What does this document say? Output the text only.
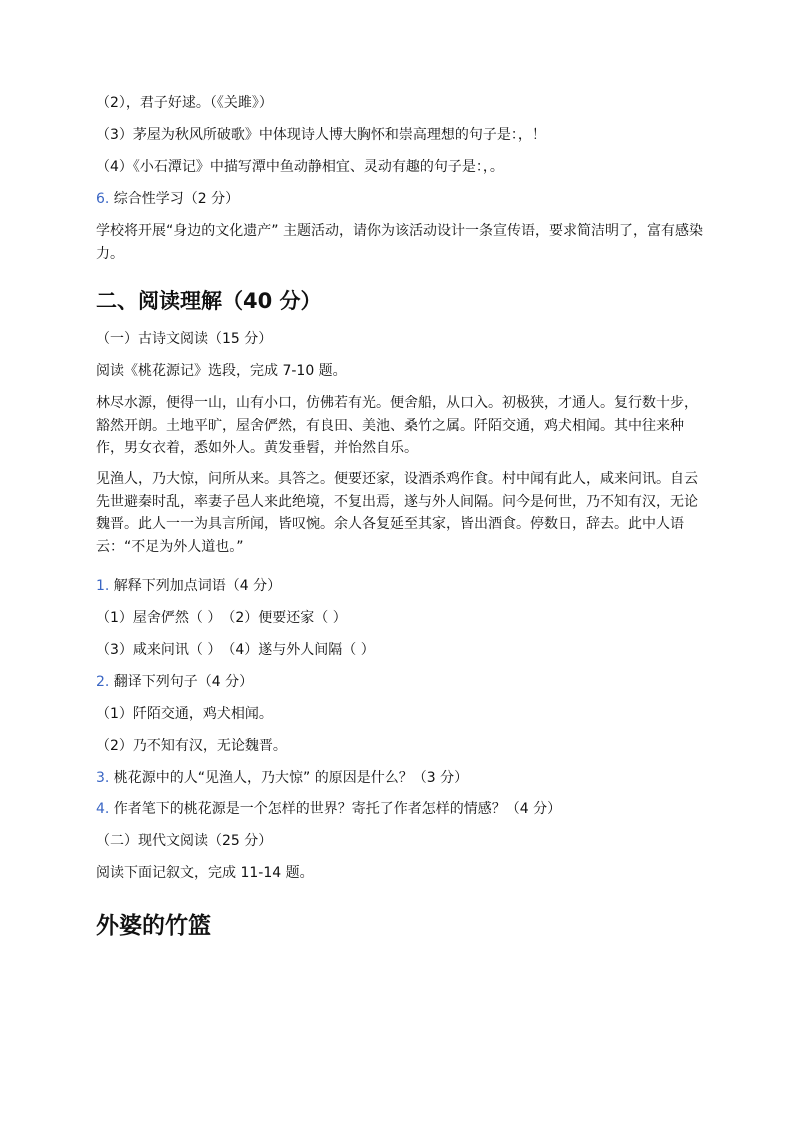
（2），君子好逑。（《关雎》）
（3）茅屋为秋风所破歌》中体现诗人博大胸怀和崇高理想的句子是：，！
（4）《小石潭记》中描写潭中鱼动静相宜、灵动有趣的句子是：，。
6. 综合性学习（2 分）
学校将开展“身边的文化遗产” 主题活动，请你为该活动设计一条宣传语，要求简洁明了，富有感染力。
二、阅读理解（40 分）
（一）古诗文阅读（15 分）
阅读《桃花源记》选段，完成 7-10 题。
林尽水源，便得一山，山有小口，仿佛若有光。便舍船，从口入。初极狭，才通人。复行数十步，豁然开朗。土地平旷，屋舍俨然，有良田、美池、桑竹之属。阡陌交通，鸡犬相闻。其中往来种作，男女衣着，悉如外人。黄发垂髫，并怡然自乐。
见渔人，乃大惊，问所从来。具答之。便要还家，设酒杀鸡作食。村中闻有此人，咸来问讯。自云先世避秦时乱，率妻子邑人来此绝境，不复出焉，遂与外人间隔。问今是何世，乃不知有汉，无论魏晋。此人一一为具言所闻，皆叹惋。余人各复延至其家，皆出酒食。停数日，辞去。此中人语云：“不足为外人道也。”
1. 解释下列加点词语（4 分）
（1）屋舍俨然（ ）　（2）便要还家（ ）
（3）咸来问讯（ ）　（4）遂与外人间隔（ ）
2. 翻译下列句子（4 分）
（1）阡陌交通，鸡犬相闻。
（2）乃不知有汉，无论魏晋。
3. 桃花源中的人“见渔人，乃大惊” 的原因是什么？（3 分）
4. 作者笔下的桃花源是一个怎样的世界？寄托了作者怎样的情感？（4 分）
（二）现代文阅读（25 分）
阅读下面记叙文，完成 11-14 题。
外婆的竹篮
